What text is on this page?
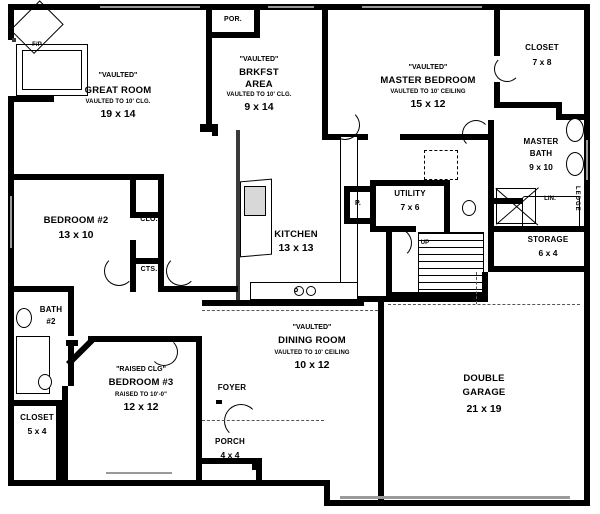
POR.
F/P
"VAULTED"
GREAT ROOM
VAULTED TO 10' CLG.
19 x 14
"VAULTED"
BRKFST
AREA
VAULTED TO 10' CLG.
9 x 14
"VAULTED"
MASTER BEDROOM
VAULTED TO 10' CEILING
15 x 12
CLOSET
7 x 8
MASTER
BATH
9 x 10
LEDGE
LIN.
STORAGE
6 x 4
BEDROOM #2
13 x 10
CLO.
CTS.
KITCHEN
13 x 13
P.
UTILITY
7 x 6
UP
BATH
#2
CLOSET
5 x 4
"RAISED CLG"
BEDROOM #3
RAISED TO 10'-0"
12 x 12
FOYER
PORCH
4 x 4
"VAULTED"
DINING ROOM
VAULTED TO 10' CEILING
10 x 12
DOUBLE
GARAGE
21 x 19
